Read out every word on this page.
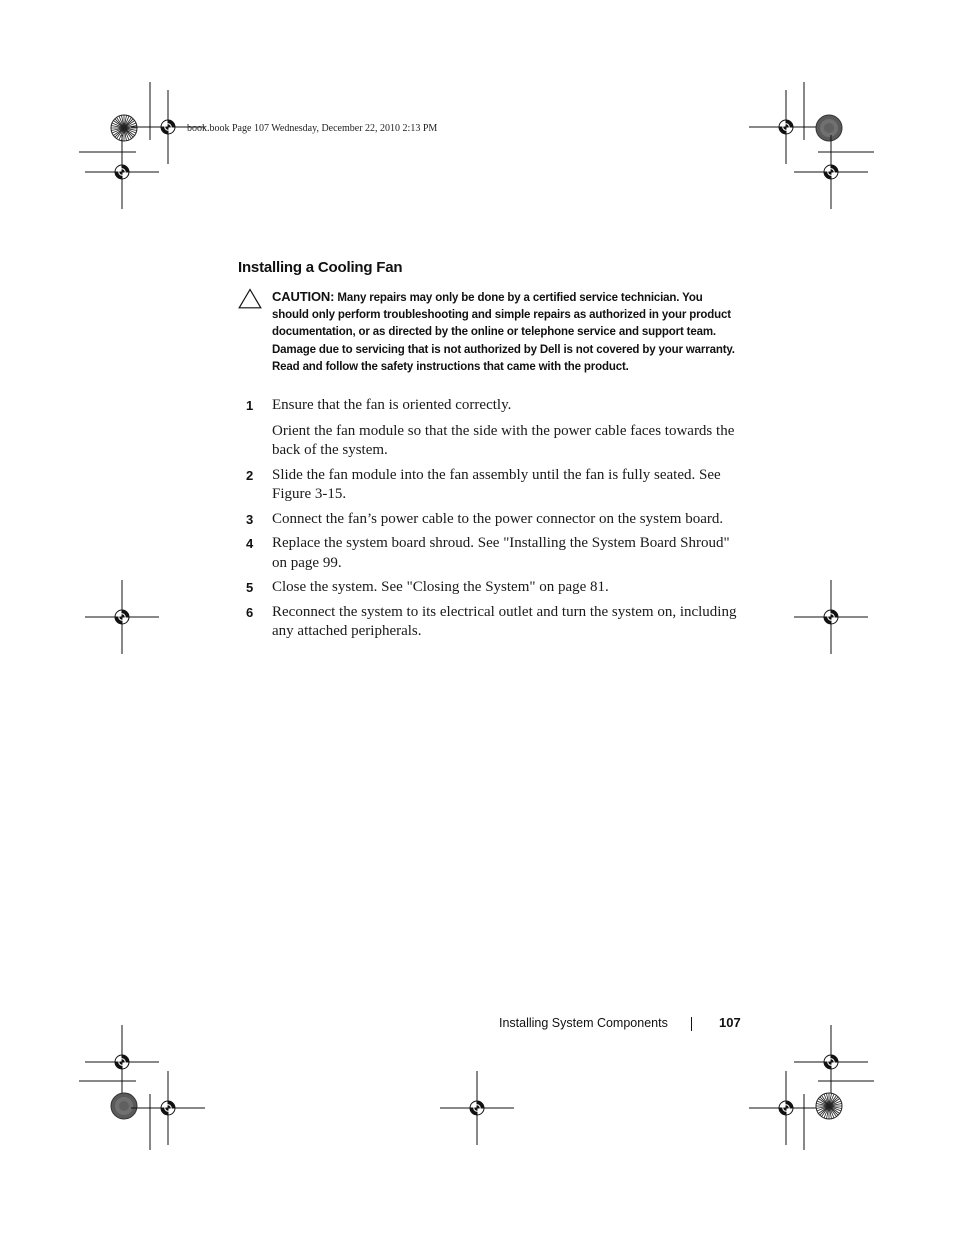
book.book Page 107 Wednesday, December 22, 2010 2:13 PM
Installing a Cooling Fan
CAUTION: Many repairs may only be done by a certified service technician. You should only perform troubleshooting and simple repairs as authorized in your product documentation, or as directed by the online or telephone service and support team. Damage due to servicing that is not authorized by Dell is not covered by your warranty. Read and follow the safety instructions that came with the product.
1 Ensure that the fan is oriented correctly.

Orient the fan module so that the side with the power cable faces towards the back of the system.

2 Slide the fan module into the fan assembly until the fan is fully seated. See Figure 3-15.

3 Connect the fan’s power cable to the power connector on the system board.

4 Replace the system board shroud. See "Installing the System Board Shroud" on page 99.

5 Close the system. See "Closing the System" on page 81.

6 Reconnect the system to its electrical outlet and turn the system on, including any attached peripherals.

Installing System Components	107
